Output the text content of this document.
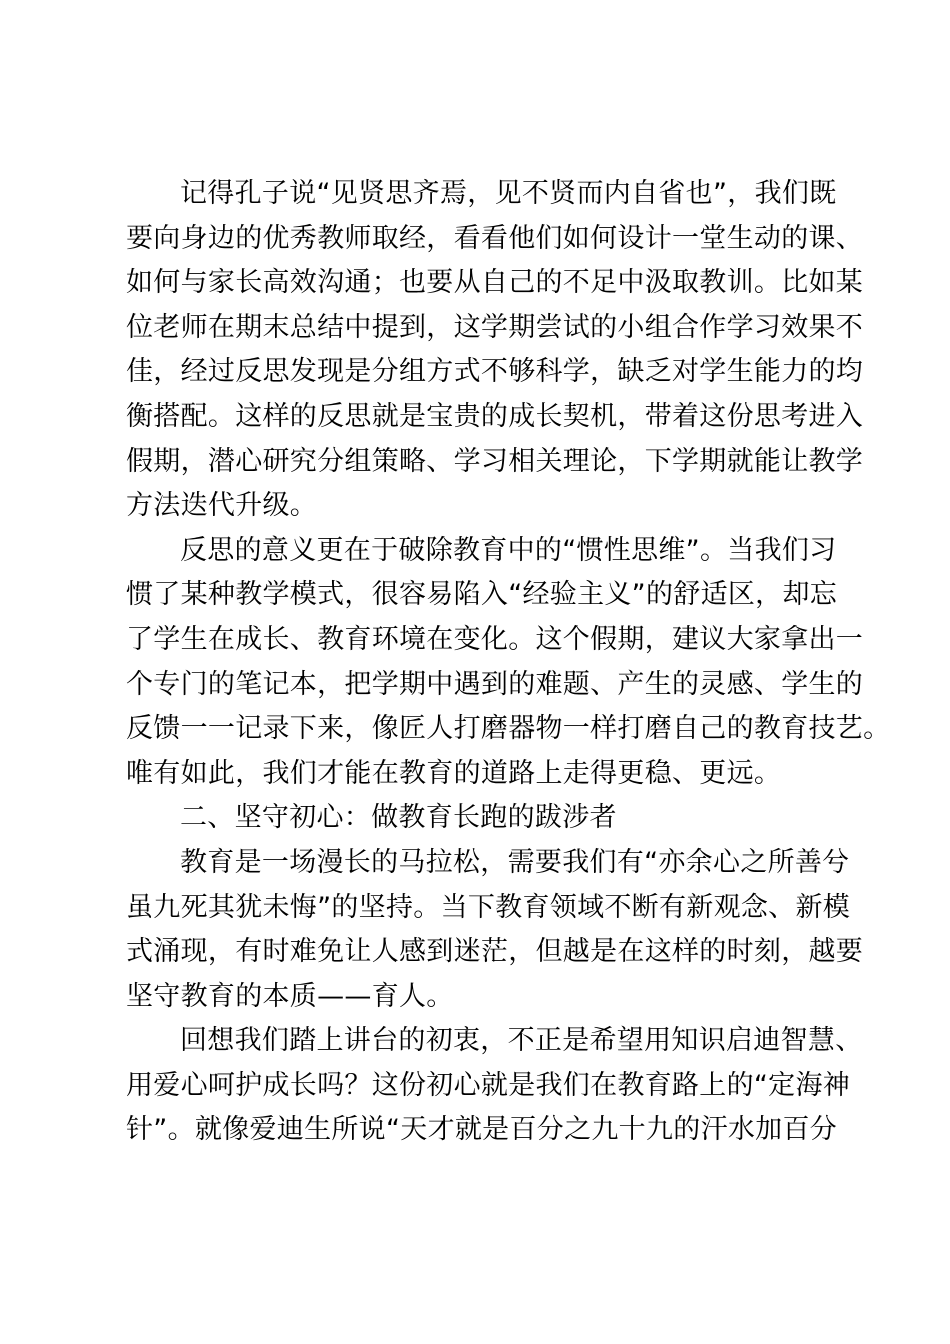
记得孔子说“见贤思齐焉，见不贤而内自省也”，我们既
要向身边的优秀教师取经，看看他们如何设计一堂生动的课、
如何与家长高效沟通；也要从自己的不足中汲取教训。比如某
位老师在期末总结中提到，这学期尝试的小组合作学习效果不
佳，经过反思发现是分组方式不够科学，缺乏对学生能力的均
衡搭配。这样的反思就是宝贵的成长契机，带着这份思考进入
假期，潜心研究分组策略、学习相关理论，下学期就能让教学
方法迭代升级。
反思的意义更在于破除教育中的“惯性思维”。当我们习
惯了某种教学模式，很容易陷入“经验主义”的舒适区，却忘
了学生在成长、教育环境在变化。这个假期，建议大家拿出一
个专门的笔记本，把学期中遇到的难题、产生的灵感、学生的
反馈一一记录下来，像匠人打磨器物一样打磨自己的教育技艺。
唯有如此，我们才能在教育的道路上走得更稳、更远。
二、坚守初心：做教育长跑的跋涉者
教育是一场漫长的马拉松，需要我们有“亦余心之所善兮
虽九死其犹未悔”的坚持。当下教育领域不断有新观念、新模
式涌现，有时难免让人感到迷茫，但越是在这样的时刻，越要
坚守教育的本质——育人。
回想我们踏上讲台的初衷，不正是希望用知识启迪智慧、
用爱心呵护成长吗？这份初心就是我们在教育路上的“定海神
针”。就像爱迪生所说“天才就是百分之九十九的汗水加百分
